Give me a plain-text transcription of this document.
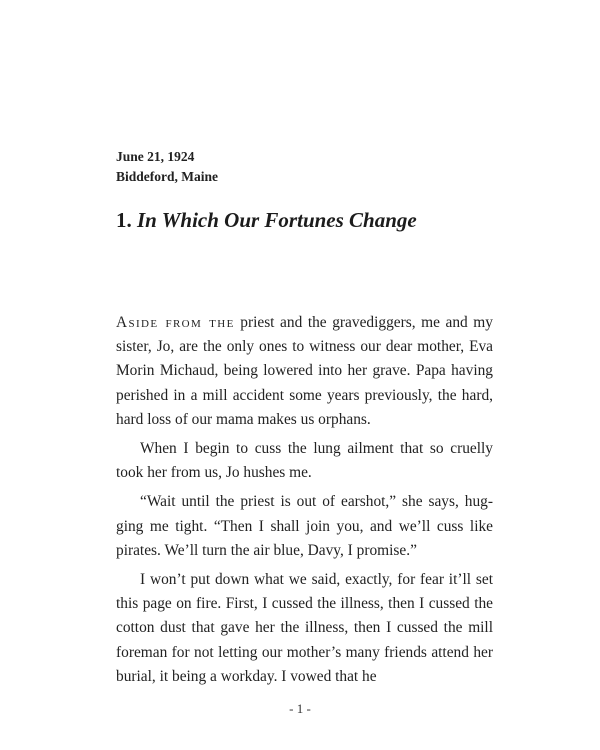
June 21, 1924
Biddeford, Maine
1. In Which Our Fortunes Change

Aside from the priest and the gravediggers, me and my sister, Jo, are the only ones to witness our dear mother, Eva Morin Michaud, being lowered into her grave. Papa having perished in a mill accident some years previously, the hard, hard loss of our mama makes us orphans.

When I begin to cuss the lung ailment that so cruelly took her from us, Jo hushes me.

“Wait until the priest is out of earshot,” she says, hugging me tight. “Then I shall join you, and we’ll cuss like pirates. We’ll turn the air blue, Davy, I promise.”

I won’t put down what we said, exactly, for fear it’ll set this page on fire. First, I cussed the illness, then I cussed the cotton dust that gave her the illness, then I cussed the mill foreman for not letting our mother’s many friends attend her burial, it being a workday. I vowed that he

- 1 -
